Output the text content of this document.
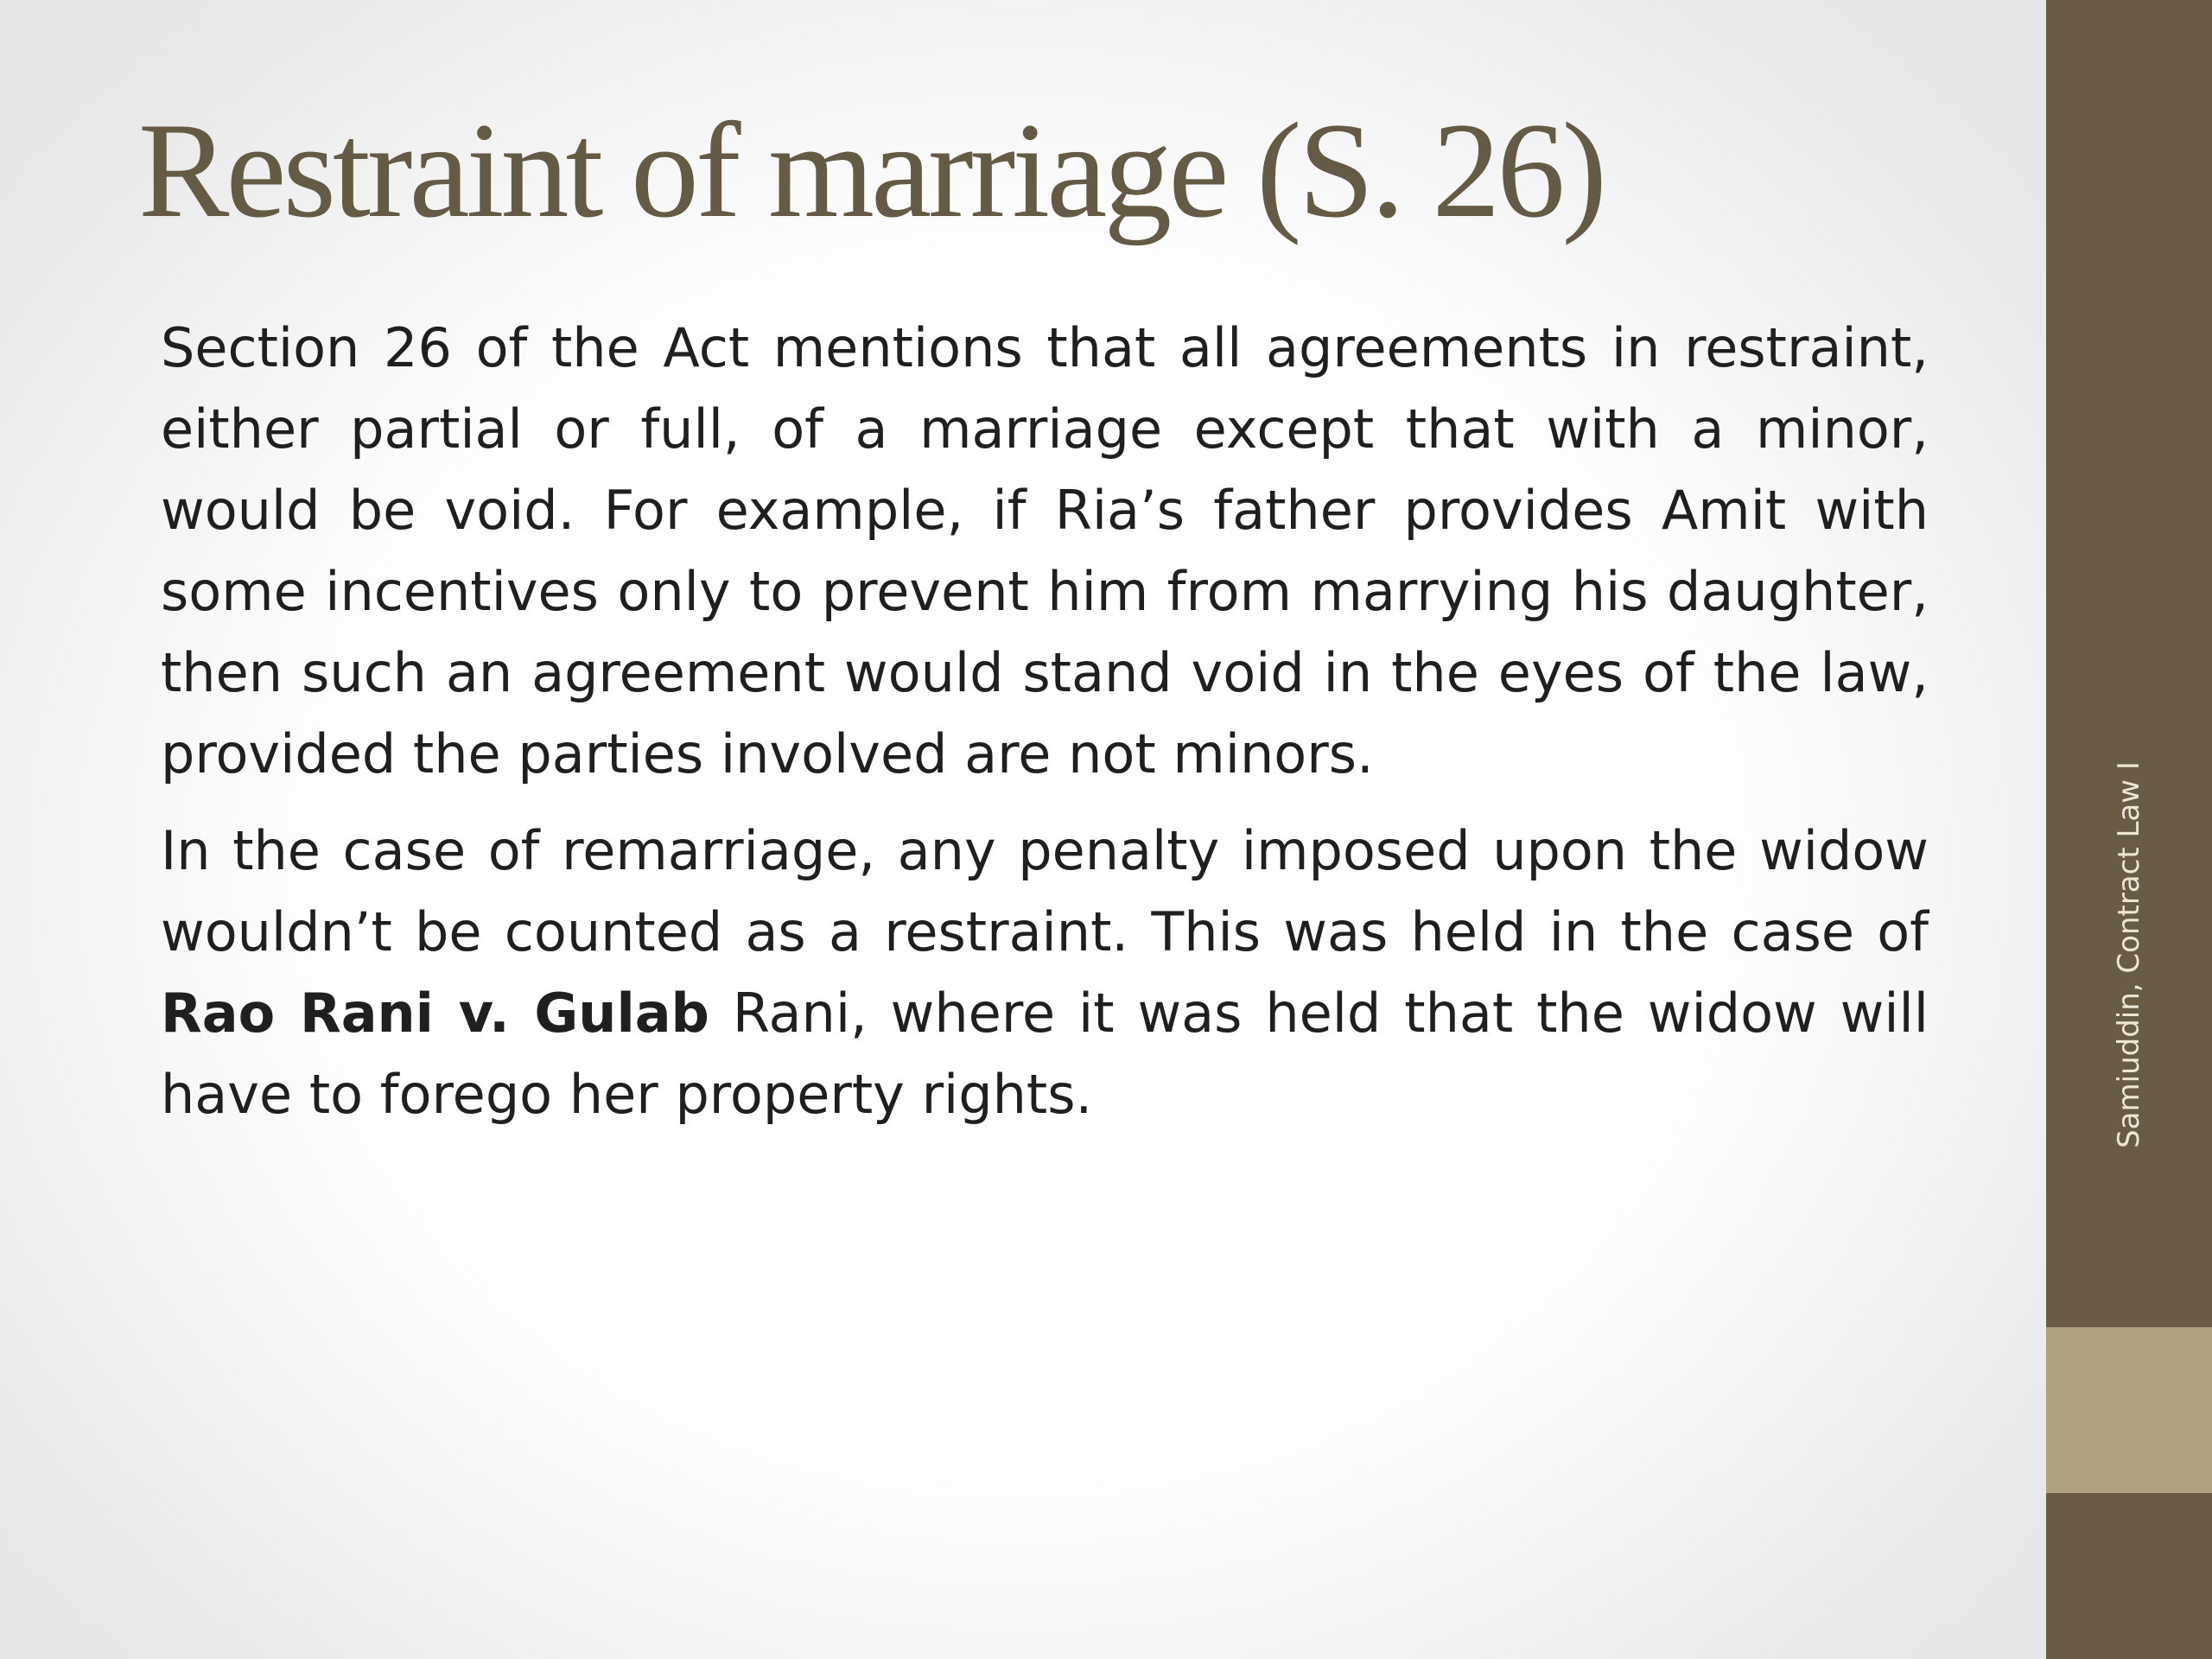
Restraint of marriage (S. 26)

Section 26 of the Act mentions that all agreements in restraint, either partial or full, of a marriage except that with a minor, would be void. For example, if Ria’s father provides Amit with some incentives only to prevent him from marrying his daughter, then such an agreement would stand void in the eyes of the law, provided the parties involved are not minors.

In the case of remarriage, any penalty imposed upon the widow wouldn’t be counted as a restraint. This was held in the case of Rao Rani v. Gulab Rani, where it was held that the widow will have to forego her property rights.	Samiuddin, Contract Law I
